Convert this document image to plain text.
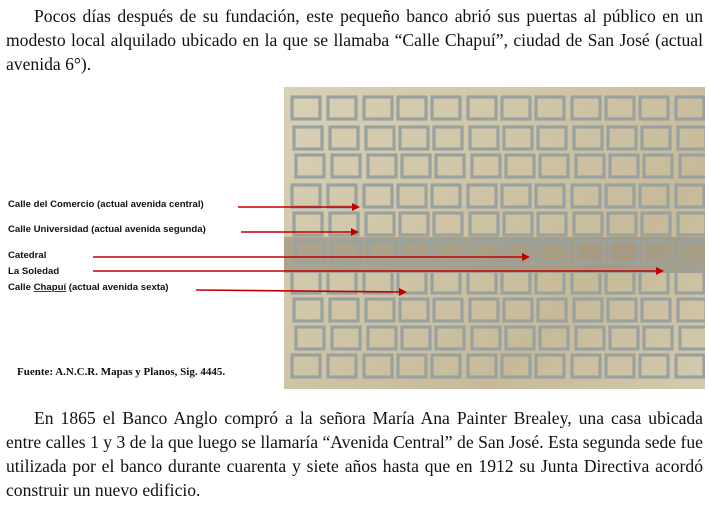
Pocos días después de su fundación, este pequeño banco abrió sus puertas al público en un modesto local alquilado ubicado en la que se llamaba “Calle Chapuí”, ciudad de San José (actual avenida 6°).

Calle del Comercio (actual avenida central)
Calle Universidad (actual avenida segunda)
Catedral
La Soledad
Calle Chapuí (actual avenida sexta)
Fuente: A.N.C.R. Mapas y Planos, Sig. 4445.

En 1865 el Banco Anglo compró a la señora María Ana Painter Brealey, una casa ubicada entre calles 1 y 3 de la que luego se llamaría “Avenida Central” de San José. Esta segunda sede fue utilizada por el banco durante cuarenta y siete años hasta que en 1912 su Junta Directiva acordó construir un nuevo edificio.
